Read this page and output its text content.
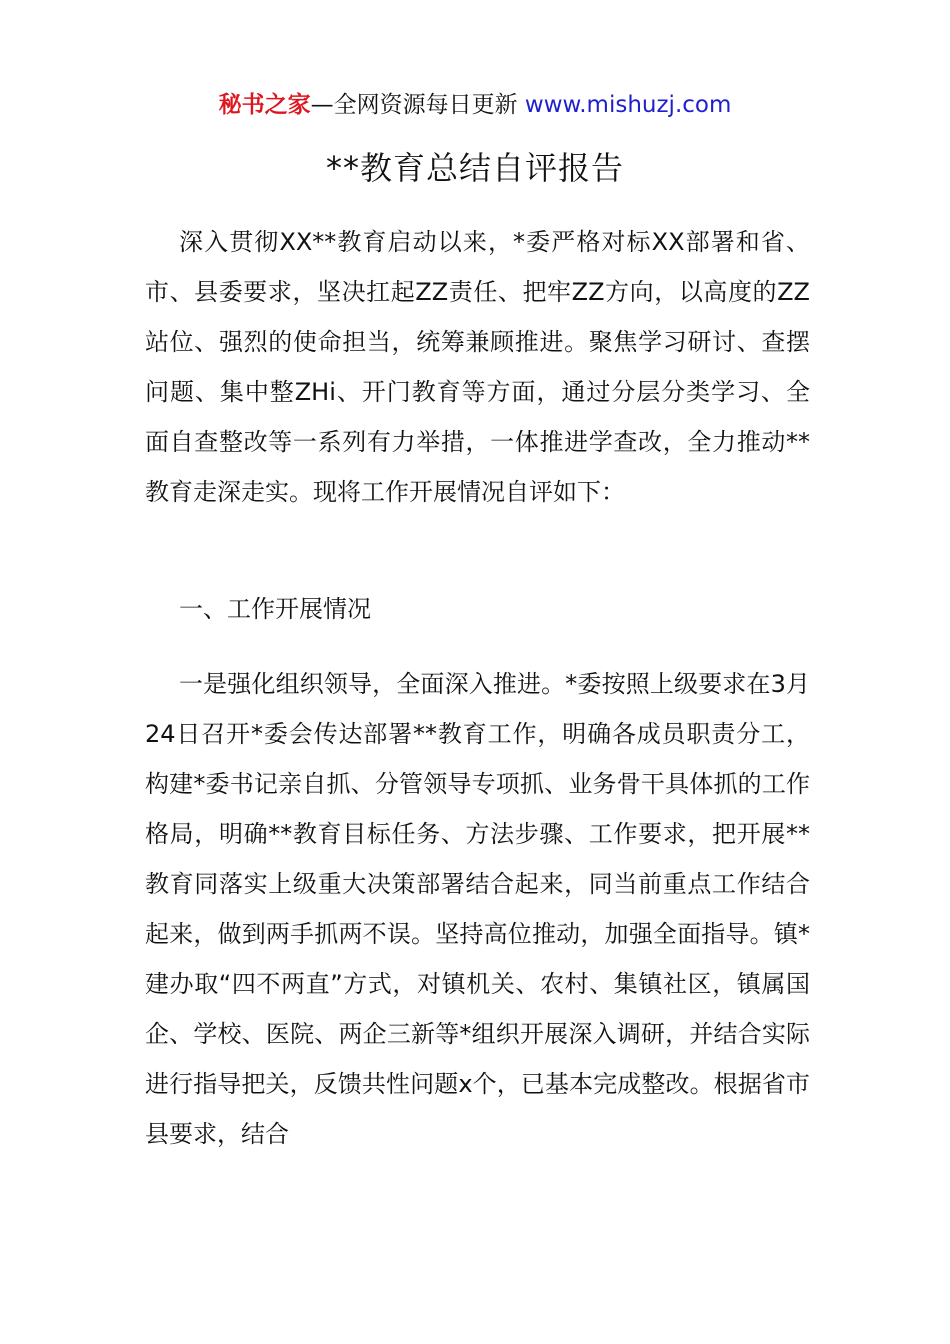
秘书之家—全网资源每日更新 www.mishuzj.com
**教育总结自评报告

深入贯彻XX**教育启动以来，*委严格对标XX部署和省、市、县委要求，坚决扛起ZZ责任、把牢ZZ方向，以高度的ZZ站位、强烈的使命担当，统筹兼顾推进。聚焦学习研讨、查摆问题、集中整ZHi、开门教育等方面，通过分层分类学习、全面自查整改等一系列有力举措，一体推进学查改，全力推动**教育走深走实。现将工作开展情况自评如下：

一、工作开展情况

一是强化组织领导，全面深入推进。*委按照上级要求在3月24日召开*委会传达部署**教育工作，明确各成员职责分工，构建*委书记亲自抓、分管领导专项抓、业务骨干具体抓的工作格局，明确**教育目标任务、方法步骤、工作要求，把开展**教育同落实上级重大决策部署结合起来，同当前重点工作结合起来，做到两手抓两不误。坚持高位推动，加强全面指导。镇*建办取“四不两直”方式，对镇机关、农村、集镇社区，镇属国企、学校、医院、两企三新等*组织开展深入调研，并结合实际进行指导把关，反馈共性问题x个，已基本完成整改。根据省市县要求，结合
